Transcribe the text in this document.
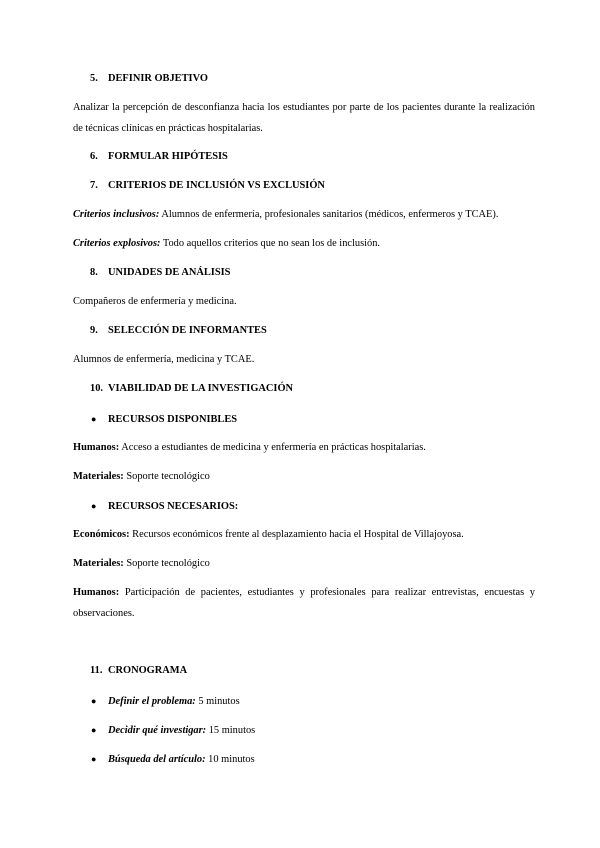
5. DEFINIR OBJETIVO
Analizar la percepción de desconfianza hacia los estudiantes por parte de los pacientes durante la realización de técnicas clínicas en prácticas hospitalarias.
6. FORMULAR HIPÓTESIS
7. CRITERIOS DE INCLUSIÓN VS EXCLUSIÓN
Criterios inclusivos: Alumnos de enfermería, profesionales sanitarios (médicos, enfermeros y TCAE).
Criterios explosivos: Todo aquellos criterios que no sean los de inclusión.
8. UNIDADES DE ANÁLISIS
Compañeros de enfermería y medicina.
9. SELECCIÓN DE INFORMANTES
Alumnos de enfermería, medicina y TCAE.
10. VIABILIDAD DE LA INVESTIGACIÓN
● RECURSOS DISPONIBLES
Humanos: Acceso a estudiantes de medicina y enfermería en prácticas hospitalarias.
Materiales: Soporte tecnológico
● RECURSOS NECESARIOS:
Económicos: Recursos económicos frente al desplazamiento hacia el Hospital de Villajoyosa.
Materiales: Soporte tecnológico
Humanos: Participación de pacientes, estudiantes y profesionales para realizar entrevistas, encuestas y observaciones.
11. CRONOGRAMA
● Definir el problema: 5 minutos
● Decidir qué investigar: 15 minutos
● Búsqueda del artículo: 10 minutos
